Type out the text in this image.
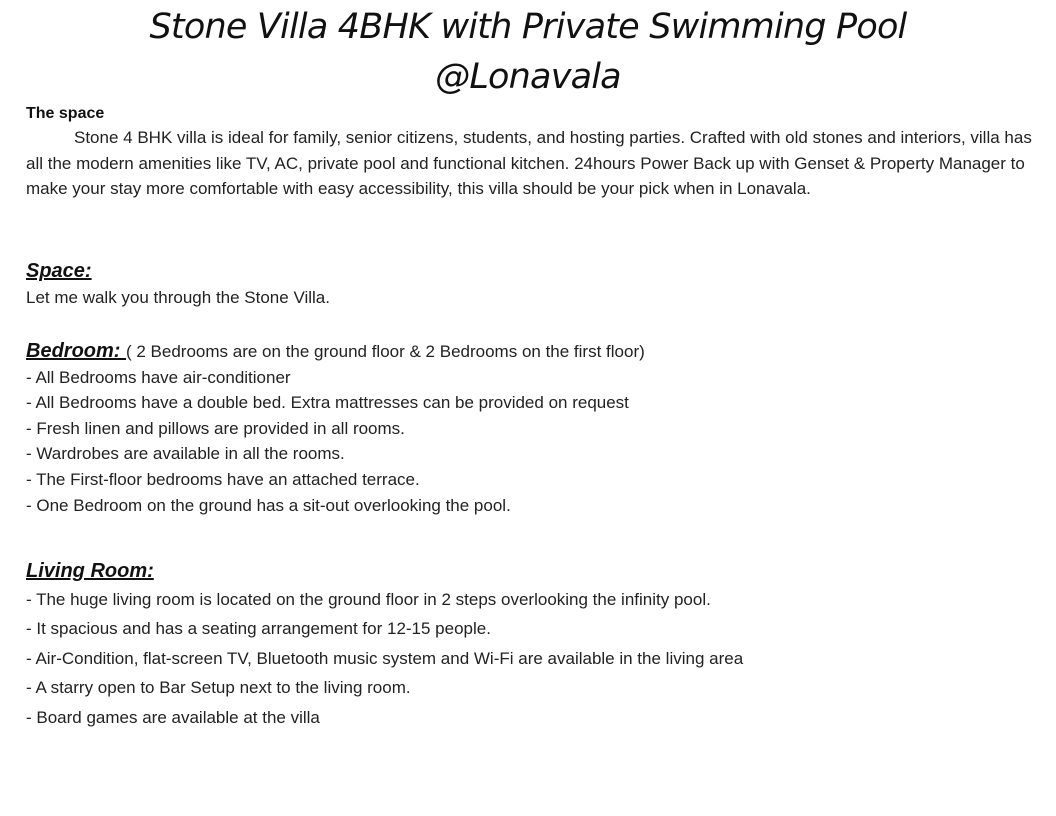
Stone Villa 4BHK with Private Swimming Pool
@Lonavala
The space

Stone 4 BHK villa is ideal for family, senior citizens, students, and hosting parties. Crafted with old stones and interiors, villa has all the modern amenities like TV, AC, private pool and functional kitchen. 24hours Power Back up with Genset & Property Manager to make your stay more comfortable with easy accessibility, this villa should be your pick when in Lonavala.

Space:
Let me walk you through the Stone Villa.
Bedroom: ( 2 Bedrooms are on the ground floor & 2 Bedrooms on the first floor)
- All Bedrooms have air-conditioner
- All Bedrooms have a double bed. Extra mattresses can be provided on request
- Fresh linen and pillows are provided in all rooms.
- Wardrobes are available in all the rooms.
- The First-floor bedrooms have an attached terrace.
- One Bedroom on the ground has a sit-out overlooking the pool.
Living Room:
- The huge living room is located on the ground floor in 2 steps overlooking the infinity pool.
- It spacious and has a seating arrangement for 12-15 people.
- Air-Condition, flat-screen TV, Bluetooth music system and Wi-Fi are available in the living area
- A starry open to Bar Setup next to the living room.
- Board games are available at the villa
